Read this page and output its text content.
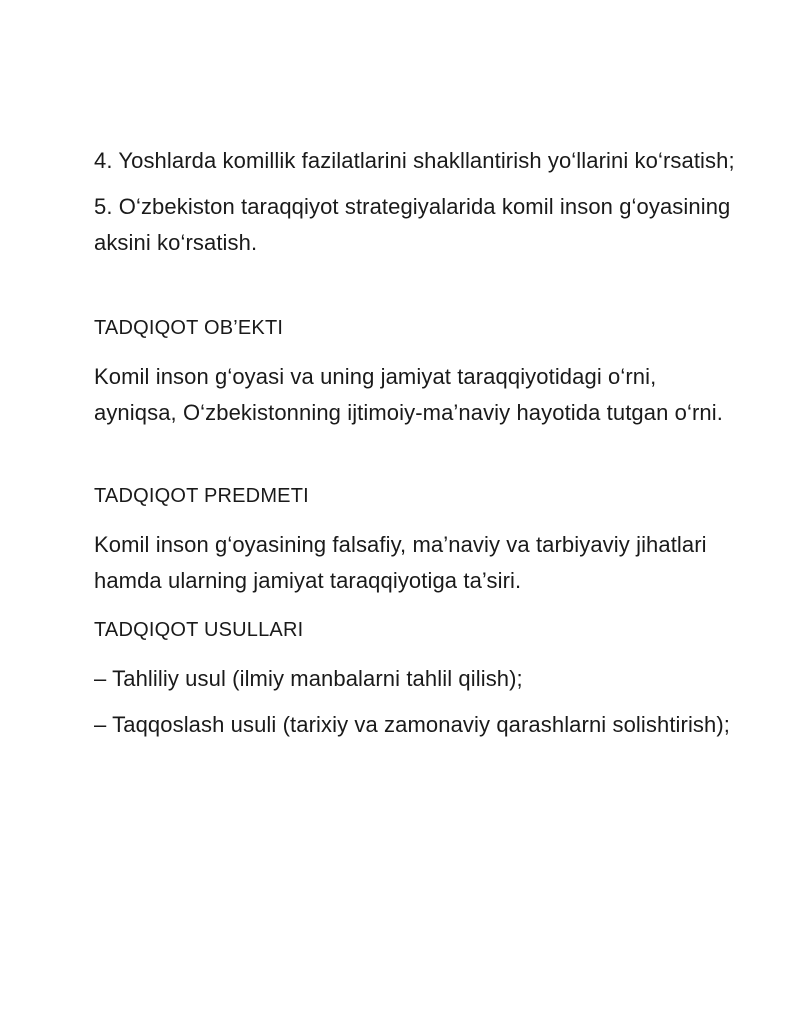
4. Yoshlarda komillik fazilatlarini shakllantirish yo‘llarini ko‘rsatish;

5. O‘zbekiston taraqqiyot strategiyalarida komil inson g‘oyasining aksini ko‘rsatish.

TADQIQOT OB’EKTI

Komil inson g‘oyasi va uning jamiyat taraqqiyotidagi o‘rni, ayniqsa, O‘zbekistonning ijtimoiy-ma’naviy hayotida tutgan o‘rni.

TADQIQOT PREDMETI

Komil inson g‘oyasining falsafiy, ma’naviy va tarbiyaviy jihatlari hamda ularning jamiyat taraqqiyotiga ta’siri.

TADQIQOT USULLARI

– Tahliliy usul (ilmiy manbalarni tahlil qilish);

– Taqqoslash usuli (tarixiy va zamonaviy qarashlarni solishtirish);
